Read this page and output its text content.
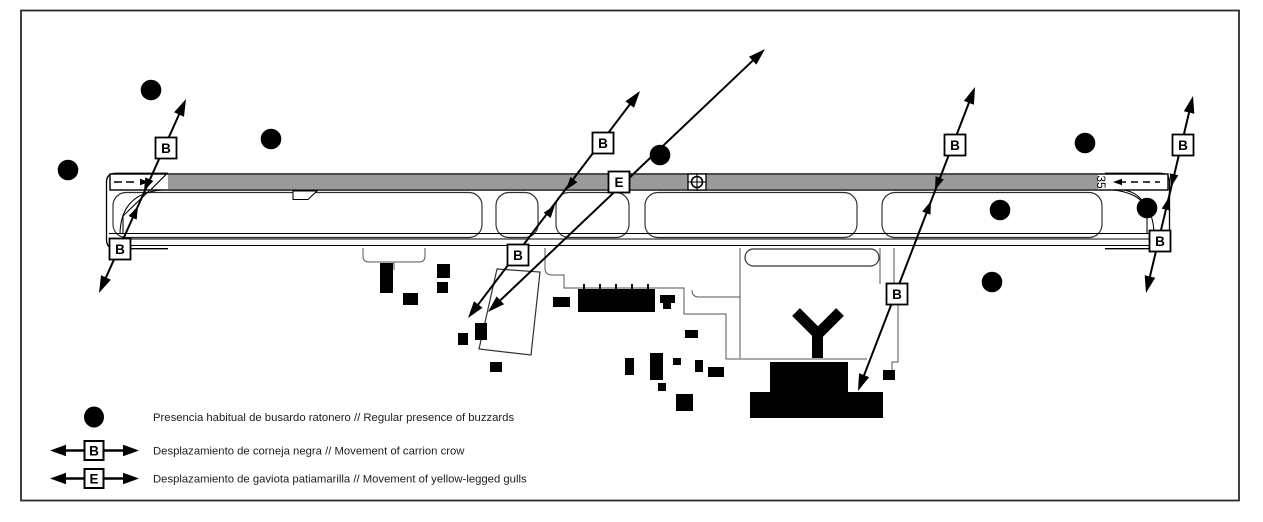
35
B
B
B
B
B
B
B
B
E
Presencia habitual de busardo ratonero // Regular presence of buzzards
B	Desplazamiento de corneja negra // Movement of carrion crow
E	Desplazamiento de gaviota patiamarilla // Movement of yellow-legged gulls
